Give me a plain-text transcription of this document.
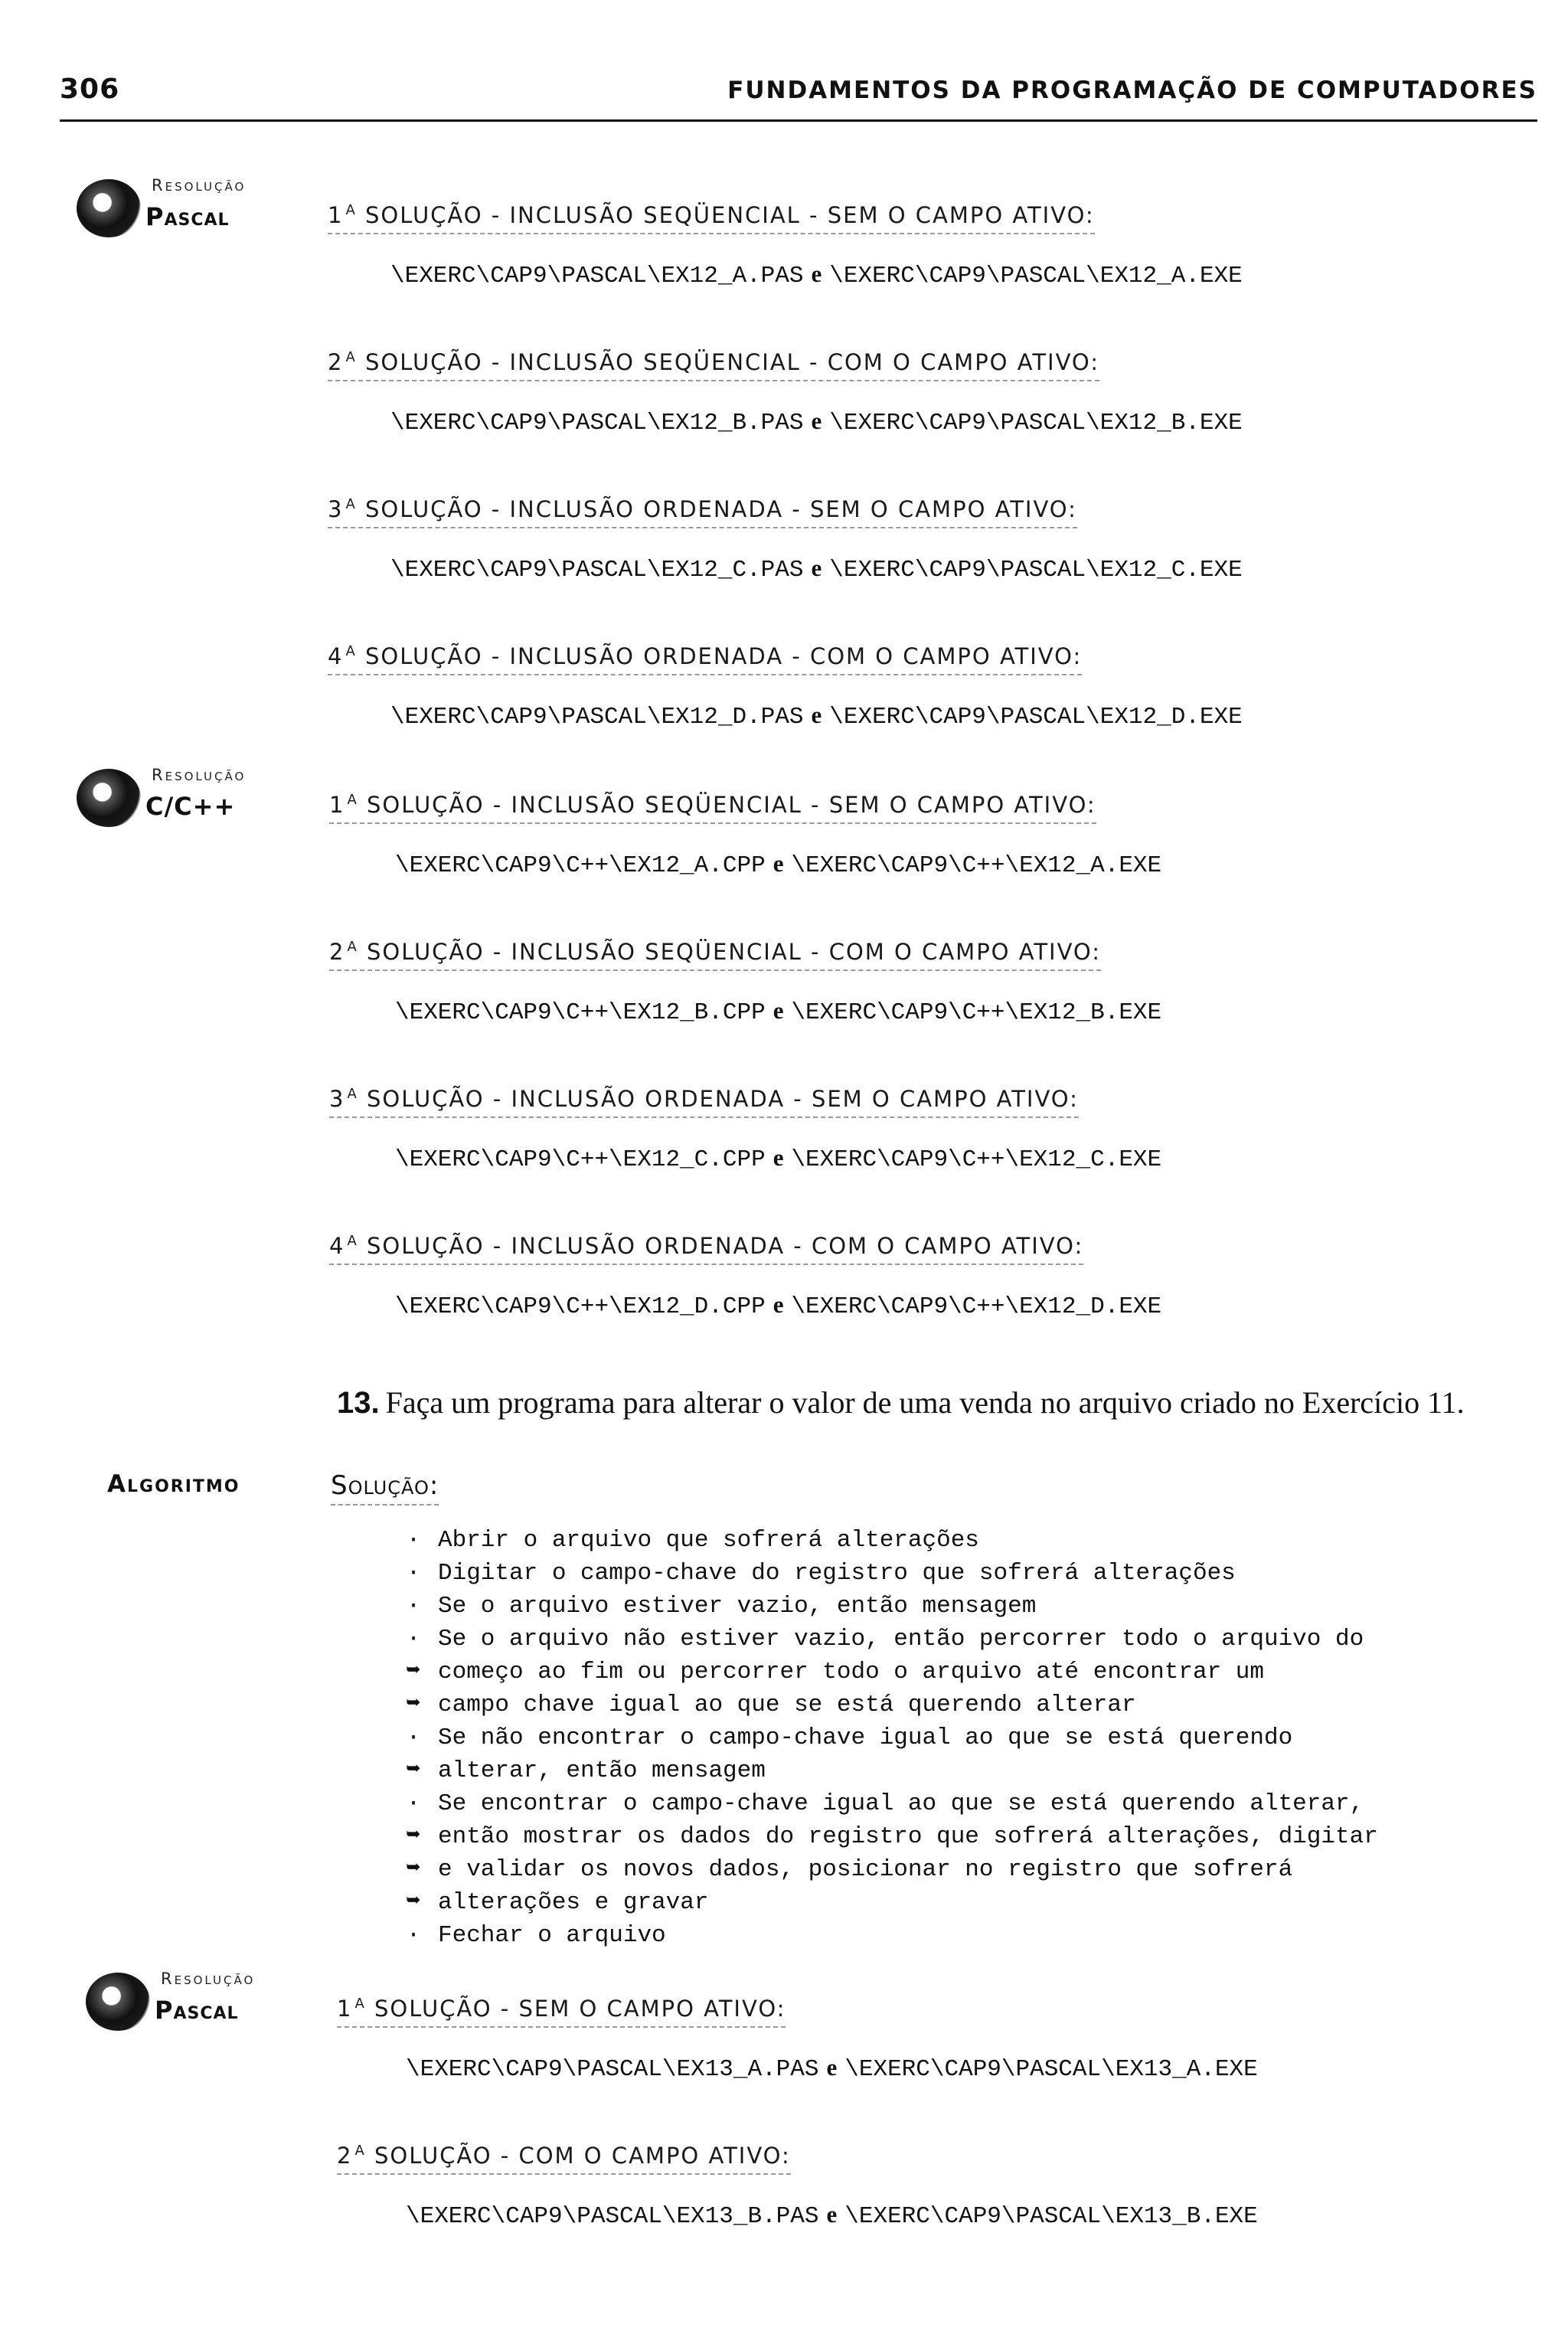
306	FUNDAMENTOS DA PROGRAMAÇÃO DE COMPUTADORES
Resolução
Pascal	1 $^A$ SOLUÇÃO - INCLUSÃO SEQÜENCIAL - SEM O CAMPO ATIVO:
\EXERC\CAP9\PASCAL\EX12_A.PAS e \EXERC\CAP9\PASCAL\EX12_A.EXE
2 $^A$ SOLUÇÃO - INCLUSÃO SEQÜENCIAL - COM O CAMPO ATIVO:
\EXERC\CAP9\PASCAL\EX12_B.PAS e \EXERC\CAP9\PASCAL\EX12_B.EXE
3 $^A$ SOLUÇÃO - INCLUSÃO ORDENADA - SEM O CAMPO ATIVO:
\EXERC\CAP9\PASCAL\EX12_C.PAS e \EXERC\CAP9\PASCAL\EX12_C.EXE
4 $^A$ SOLUÇÃO - INCLUSÃO ORDENADA - COM O CAMPO ATIVO:
\EXERC\CAP9\PASCAL\EX12_D.PAS e \EXERC\CAP9\PASCAL\EX12_D.EXE
Resolução
C/C++	1 $^A$ SOLUÇÃO - INCLUSÃO SEQÜENCIAL - SEM O CAMPO ATIVO:
\EXERC\CAP9\C++\EX12_A.CPP e \EXERC\CAP9\C++\EX12_A.EXE
2 $^A$ SOLUÇÃO - INCLUSÃO SEQÜENCIAL - COM O CAMPO ATIVO:
\EXERC\CAP9\C++\EX12_B.CPP e \EXERC\CAP9\C++\EX12_B.EXE
3 $^A$ SOLUÇÃO - INCLUSÃO ORDENADA - SEM O CAMPO ATIVO:
\EXERC\CAP9\C++\EX12_C.CPP e \EXERC\CAP9\C++\EX12_C.EXE
4 $^A$ SOLUÇÃO - INCLUSÃO ORDENADA - COM O CAMPO ATIVO:
\EXERC\CAP9\C++\EX12_D.CPP e \EXERC\CAP9\C++\EX12_D.EXE
13. Faça um programa para alterar o valor de uma venda no arquivo criado no Exercício 11.
Algoritmo	Solução:
· Abrir o arquivo que sofrerá alterações
· Digitar o campo-chave do registro que sofrerá alterações
· Se o arquivo estiver vazio, então mensagem
· Se o arquivo não estiver vazio, então percorrer todo o arquivo do
➥ começo ao fim ou percorrer todo o arquivo até encontrar um
➥ campo chave igual ao que se está querendo alterar
· Se não encontrar o campo-chave igual ao que se está querendo
➥ alterar, então mensagem
· Se encontrar o campo-chave igual ao que se está querendo alterar,
➥ então mostrar os dados do registro que sofrerá alterações, digitar
➥ e validar os novos dados, posicionar no registro que sofrerá
➥ alterações e gravar
· Fechar o arquivo
Resolução
Pascal	1 $^A$ SOLUÇÃO - SEM O CAMPO ATIVO:
\EXERC\CAP9\PASCAL\EX13_A.PAS e \EXERC\CAP9\PASCAL\EX13_A.EXE
2 $^A$ SOLUÇÃO - COM O CAMPO ATIVO:
\EXERC\CAP9\PASCAL\EX13_B.PAS e \EXERC\CAP9\PASCAL\EX13_B.EXE
